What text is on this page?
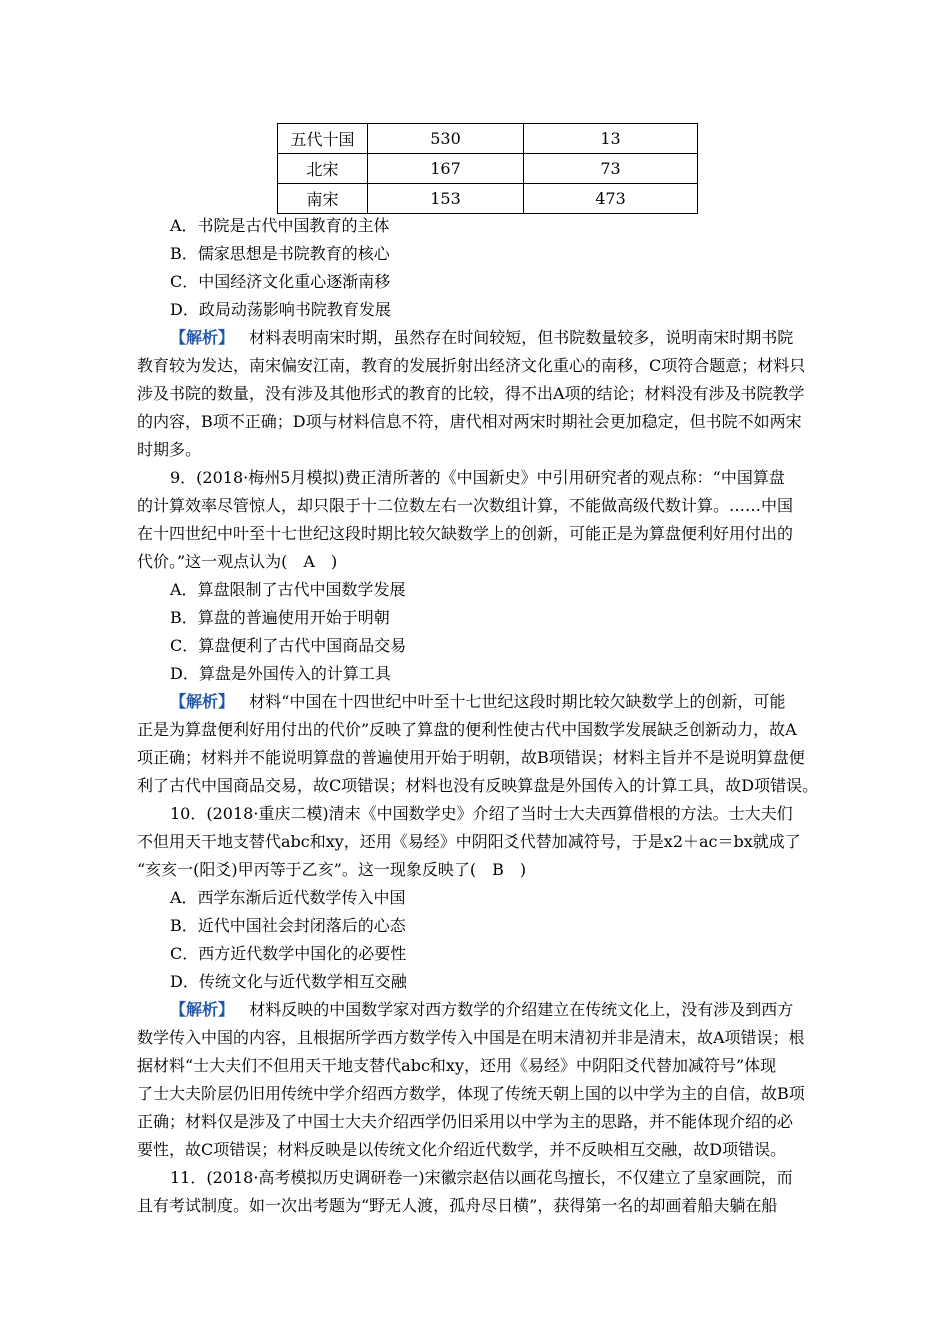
五代十国	530	13
北宋	167	73
南宋	153	473
A．书院是古代中国教育的主体
B．儒家思想是书院教育的核心
C．中国经济文化重心逐渐南移
D．政局动荡影响书院教育发展
【解析】 材料表明南宋时期，虽然存在时间较短，但书院数量较多，说明南宋时期书院
教育较为发达，南宋偏安江南，教育的发展折射出经济文化重心的南移，C项符合题意；材料只
涉及书院的数量，没有涉及其他形式的教育的比较，得不出A项的结论；材料没有涉及书院教学
的内容，B项不正确；D项与材料信息不符，唐代相对两宋时期社会更加稳定，但书院不如两宋
时期多。
9．(2018·梅州5月模拟)费正清所著的《中国新史》中引用研究者的观点称：“中国算盘
的计算效率尽管惊人，却只限于十二位数左右一次数组计算，不能做高级代数计算。……中国
在十四世纪中叶至十七世纪这段时期比较欠缺数学上的创新，可能正是为算盘便利好用付出的
代价。”这一观点认为(　A　)
A．算盘限制了古代中国数学发展
B．算盘的普遍使用开始于明朝
C．算盘便利了古代中国商品交易
D．算盘是外国传入的计算工具
【解析】 材料“中国在十四世纪中叶至十七世纪这段时期比较欠缺数学上的创新，可能
正是为算盘便利好用付出的代价”反映了算盘的便利性使古代中国数学发展缺乏创新动力，故A
项正确；材料并不能说明算盘的普遍使用开始于明朝，故B项错误；材料主旨并不是说明算盘便
利了古代中国商品交易，故C项错误；材料也没有反映算盘是外国传入的计算工具，故D项错误。
10．(2018·重庆二模)清末《中国数学史》介绍了当时士大夫西算借根的方法。士大夫们
不但用天干地支替代abc和xy，还用《易经》中阴阳爻代替加减符号，于是x2＋ac＝bx就成了
“亥亥一(阳爻)甲丙等于乙亥”。这一现象反映了(　B　)
A．西学东渐后近代数学传入中国
B．近代中国社会封闭落后的心态
C．西方近代数学中国化的必要性
D．传统文化与近代数学相互交融
【解析】 材料反映的中国数学家对西方数学的介绍建立在传统文化上，没有涉及到西方
数学传入中国的内容，且根据所学西方数学传入中国是在明末清初并非是清末，故A项错误；根
据材料“士大夫们不但用天干地支替代abc和xy，还用《易经》中阴阳爻代替加减符号”体现
了士大夫阶层仍旧用传统中学介绍西方数学，体现了传统天朝上国的以中学为主的自信，故B项
正确；材料仅是涉及了中国士大夫介绍西学仍旧采用以中学为主的思路，并不能体现介绍的必
要性，故C项错误；材料反映是以传统文化介绍近代数学，并不反映相互交融，故D项错误。
11．(2018·高考模拟历史调研卷一)宋徽宗赵佶以画花鸟擅长，不仅建立了皇家画院，而
且有考试制度。如一次出考题为“野无人渡，孤舟尽日横”，获得第一名的却画着船夫躺在船
